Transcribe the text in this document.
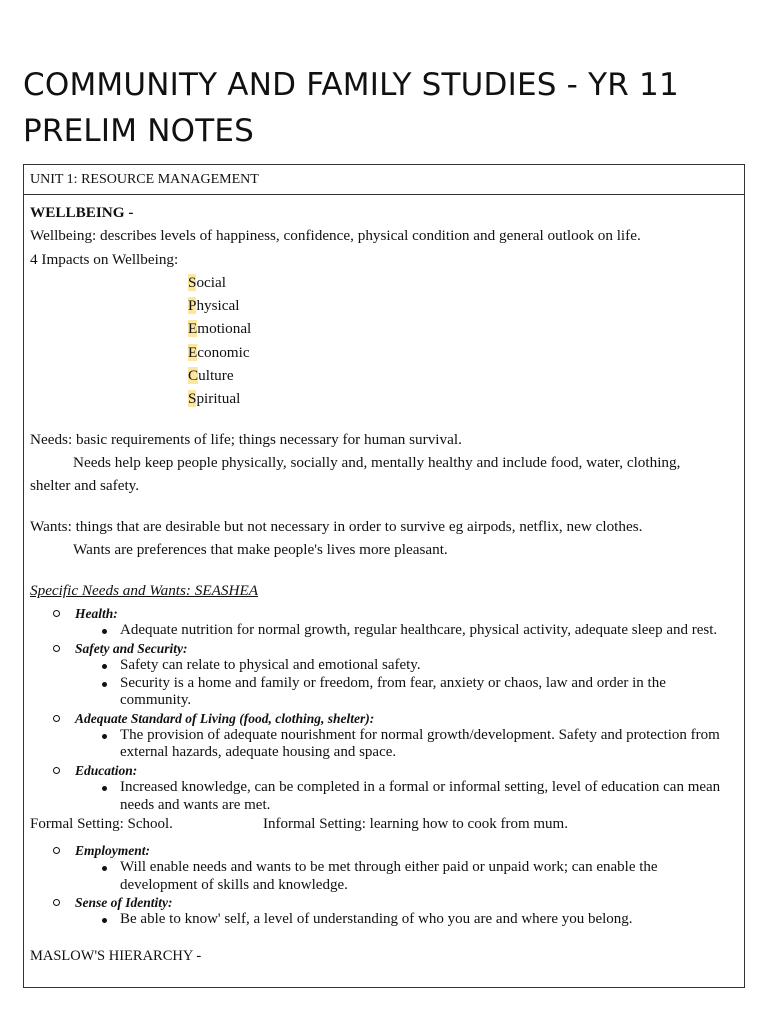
COMMUNITY AND FAMILY STUDIES - YR 11
PRELIM NOTES
UNIT 1: RESOURCE MANAGEMENT
WELLBEING -
Wellbeing: describes levels of happiness, confidence, physical condition and general outlook on life.
4 Impacts on Wellbeing:
Social
Physical
Emotional
Economic
Culture
Spiritual
Needs: basic requirements of life; things necessary for human survival.
Needs help keep people physically, socially and, mentally healthy and include food, water, clothing,
shelter and safety.
Wants: things that are desirable but not necessary in order to survive eg airpods, netflix, new clothes.
Wants are preferences that make people's lives more pleasant.
Specific Needs and Wants: SEASHEA
Health:
Adequate nutrition for normal growth, regular healthcare, physical activity, adequate sleep and rest.
Safety and Security:
Safety can relate to physical and emotional safety.
Security is a home and family or freedom, from fear, anxiety or chaos, law and order in the community.
Adequate Standard of Living (food, clothing, shelter):
The provision of adequate nourishment for normal growth/development. Safety and protection from external hazards, adequate housing and space.
Education:
Increased knowledge, can be completed in a formal or informal setting, level of education can mean needs and wants are met.
Formal Setting: School.	Informal Setting: learning how to cook from mum.
Employment:
Will enable needs and wants to be met through either paid or unpaid work; can enable the development of skills and knowledge.
Sense of Identity:
Be able to know' self, a level of understanding of who you are and where you belong.
MASLOW'S HIERARCHY -
